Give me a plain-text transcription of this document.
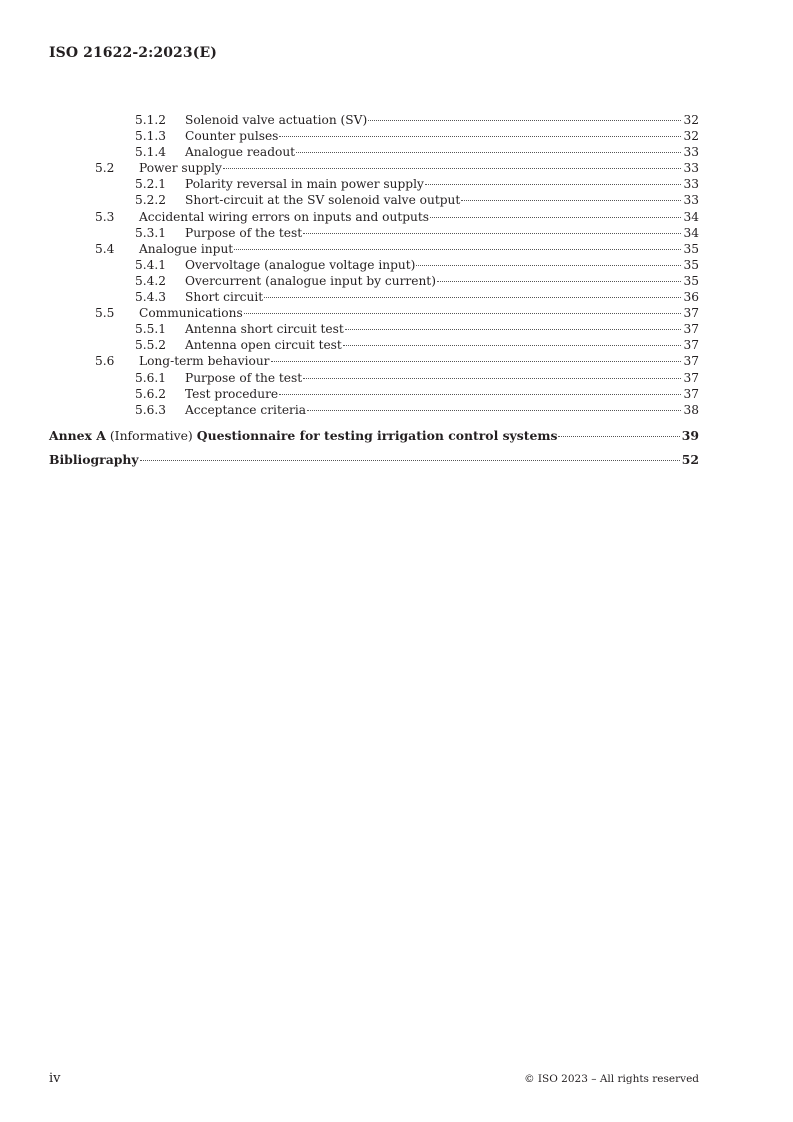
ISO 21622-2:2023(E)
5.1.2	Solenoid valve actuation (SV)	32
5.1.3	Counter pulses	32
5.1.4	Analogue readout	33
5.2	Power supply	33
5.2.1	Polarity reversal in main power supply	33
5.2.2	Short-circuit at the SV solenoid valve output	33
5.3	Accidental wiring errors on inputs and outputs	34
5.3.1	Purpose of the test	34
5.4	Analogue input	35
5.4.1	Overvoltage (analogue voltage input)	35
5.4.2	Overcurrent (analogue input by current)	35
5.4.3	Short circuit	36
5.5	Communications	37
5.5.1	Antenna short circuit test	37
5.5.2	Antenna open circuit test	37
5.6	Long-term behaviour	37
5.6.1	Purpose of the test	37
5.6.2	Test procedure	37
5.6.3	Acceptance criteria	38
Annex A (Informative) Questionnaire for testing irrigation control systems	39
Bibliography	52
iv	© ISO 2023 – All rights reserved
